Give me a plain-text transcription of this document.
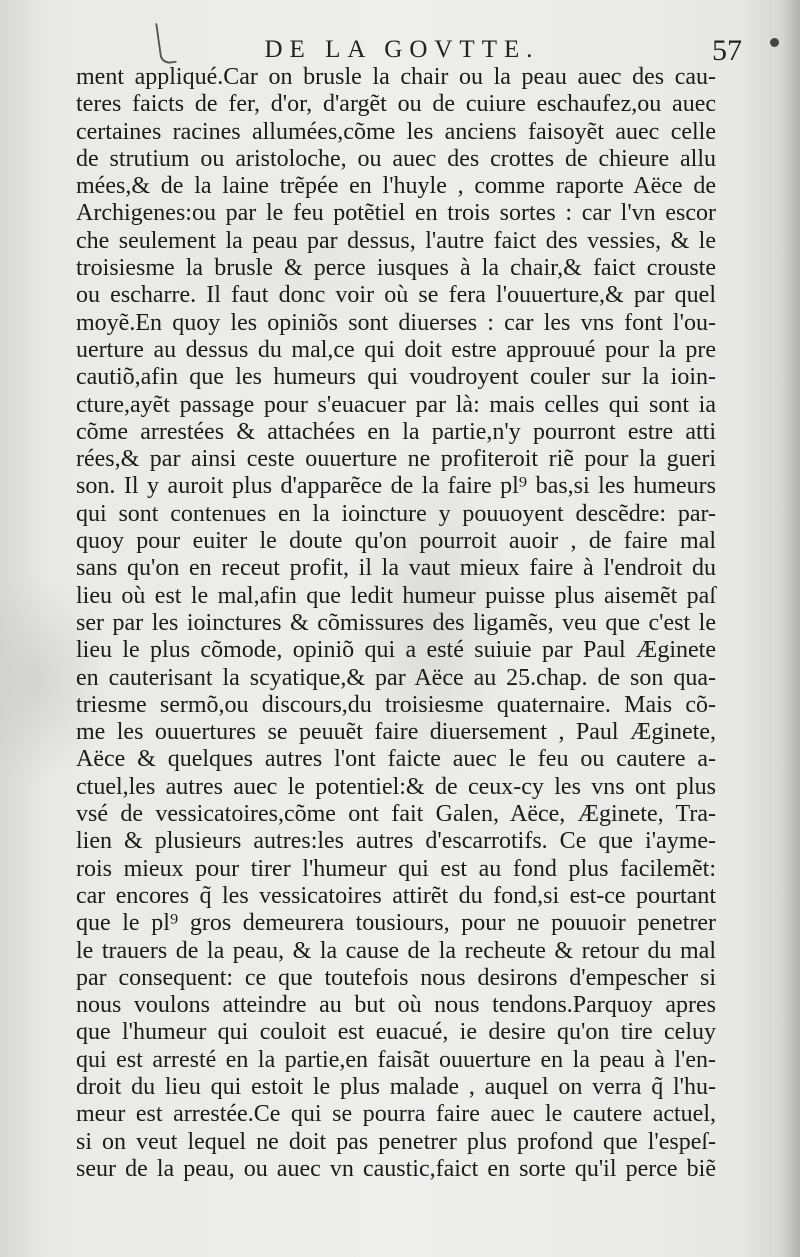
DE LA GOVTTE.	57
ment appliqué.Car on brusle la chair ou la peau auec des cau-
teres faicts de fer, d'or, d'argẽt ou de cuiure eschaufez,ou auec
certaines racines allumées,cõme les anciens faisoyẽt auec celle
de strutium ou aristoloche, ou auec des crottes de chieure allu
mées,& de la laine trẽpée en l'huyle , comme raporte Aëce de
Archigenes:ou par le feu potẽtiel en trois sortes : car l'vn escor
che seulement la peau par dessus, l'autre faict des vessies, & le
troisiesme la brusle & perce iusques à la chair,& faict crouste
ou escharre. Il faut donc voir où se fera l'ouuerture,& par quel
moyẽ.En quoy les opiniõs sont diuerses : car les vns font l'ou-
uerture au dessus du mal,ce qui doit estre approuué pour la pre
cautiõ,afin que les humeurs qui voudroyent couler sur la ioin-
cture,ayẽt passage pour s'euacuer par là: mais celles qui sont ia
cõme arrestées & attachées en la partie,n'y pourront estre atti
rées,& par ainsi ceste ouuerture ne profiteroit riẽ pour la gueri
son. Il y auroit plus d'apparẽce de la faire pl⁹ bas,si les humeurs
qui sont contenues en la ioincture y pouuoyent descẽdre: par-
quoy pour euiter le doute qu'on pourroit auoir , de faire mal
sans qu'on en receut profit, il la vaut mieux faire à l'endroit du
lieu où est le mal,afin que ledit humeur puisse plus aisemẽt paſ
ser par les ioinctures & cõmissures des ligamẽs, veu que c'est le
lieu le plus cõmode, opiniõ qui a esté suiuie par Paul Æginete
en cauterisant la scyatique,& par Aëce au 25.chap. de son qua-
triesme sermõ,ou discours,du troisiesme quaternaire. Mais cõ-
me les ouuertures se peuuẽt faire diuersement , Paul Æginete,
Aëce & quelques autres l'ont faicte auec le feu ou cautere a-
ctuel,les autres auec le potentiel:& de ceux-cy les vns ont plus
vsé de vessicatoires,cõme ont fait Galen, Aëce, Æginete, Tra-
lien & plusieurs autres:les autres d'escarrotifs. Ce que i'ayme-
rois mieux pour tirer l'humeur qui est au fond plus facilemẽt:
car encores q̃ les vessicatoires attirẽt du fond,si est-ce pourtant
que le pl⁹ gros demeurera tousiours, pour ne pouuoir penetrer
le trauers de la peau, & la cause de la recheute & retour du mal
par consequent: ce que toutefois nous desirons d'empescher si
nous voulons atteindre au but où nous tendons.Parquoy apres
que l'humeur qui couloit est euacué, ie desire qu'on tire celuy
qui est arresté en la partie,en faisãt ouuerture en la peau à l'en-
droit du lieu qui estoit le plus malade , auquel on verra q̃ l'hu-
meur est arrestée.Ce qui se pourra faire auec le cautere actuel,
si on veut lequel ne doit pas penetrer plus profond que l'espeſ-
seur de la peau, ou auec vn caustic,faict en sorte qu'il perce biẽ
